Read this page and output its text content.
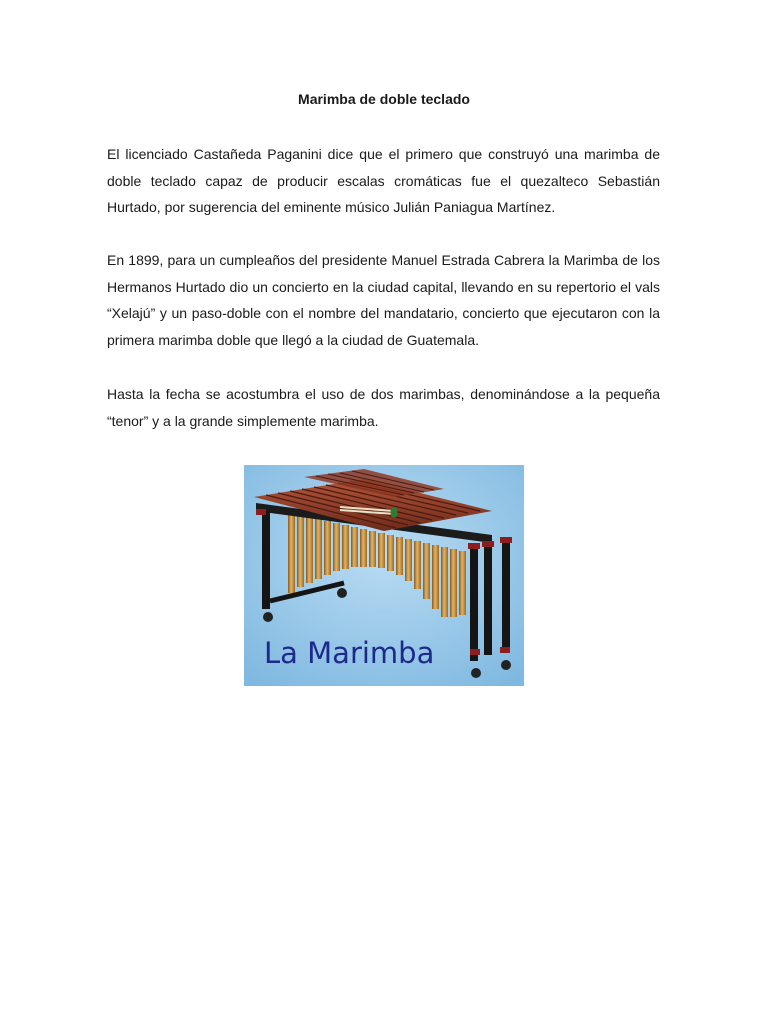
Marimba de doble teclado

El licenciado Castañeda Paganini dice que el primero que construyó una marimba de doble teclado capaz de producir escalas cromáticas fue el quezalteco Sebastián Hurtado, por sugerencia del eminente músico Julián Paniagua Martínez.

En 1899, para un cumpleaños del presidente Manuel Estrada Cabrera la Marimba de los Hermanos Hurtado dio un concierto en la ciudad capital, llevando en su repertorio el vals “Xelajú” y un paso-doble con el nombre del mandatario, concierto que ejecutaron con la primera marimba doble que llegó a la ciudad de Guatemala.

Hasta la fecha se acostumbra el uso de dos marimbas, denominándose a la pequeña “tenor” y a la grande simplemente marimba.

La Marimba
